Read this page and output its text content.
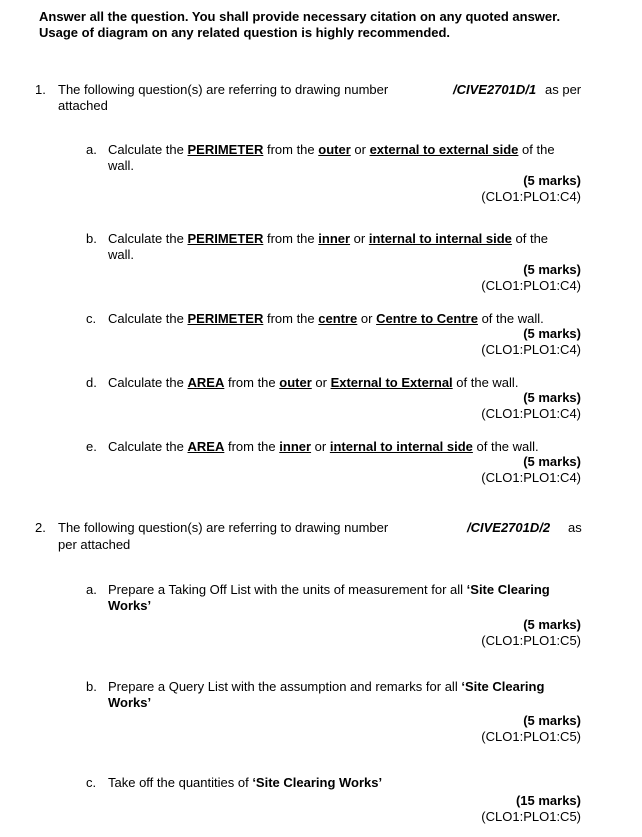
Answer all the question. You shall provide necessary citation on any quoted answer.
Usage of diagram on any related question is highly recommended.
1. The following question(s) are referring to drawing number	/CIVE2701D/1 as per
attached
a. Calculate the PERIMETER from the outer or external to external side of the
wall.
(5 marks)
(CLO1:PLO1:C4)
b. Calculate the PERIMETER from the inner or internal to internal side of the
wall.
(5 marks)
(CLO1:PLO1:C4)
c. Calculate the PERIMETER from the centre or Centre to Centre of the wall.
(5 marks)
(CLO1:PLO1:C4)
d. Calculate the AREA from the outer or External to External of the wall.
(5 marks)
(CLO1:PLO1:C4)
e. Calculate the AREA from the inner or internal to internal side of the wall.
(5 marks)
(CLO1:PLO1:C4)
2. The following question(s) are referring to drawing number	/CIVE2701D/2 as
per attached
a. Prepare a Taking Off List with the units of measurement for all ‘Site Clearing
Works’
(5 marks)
(CLO1:PLO1:C5)
b. Prepare a Query List with the assumption and remarks for all ‘Site Clearing
Works’
(5 marks)
(CLO1:PLO1:C5)
c. Take off the quantities of ‘Site Clearing Works’
(15 marks)
(CLO1:PLO1:C5)
